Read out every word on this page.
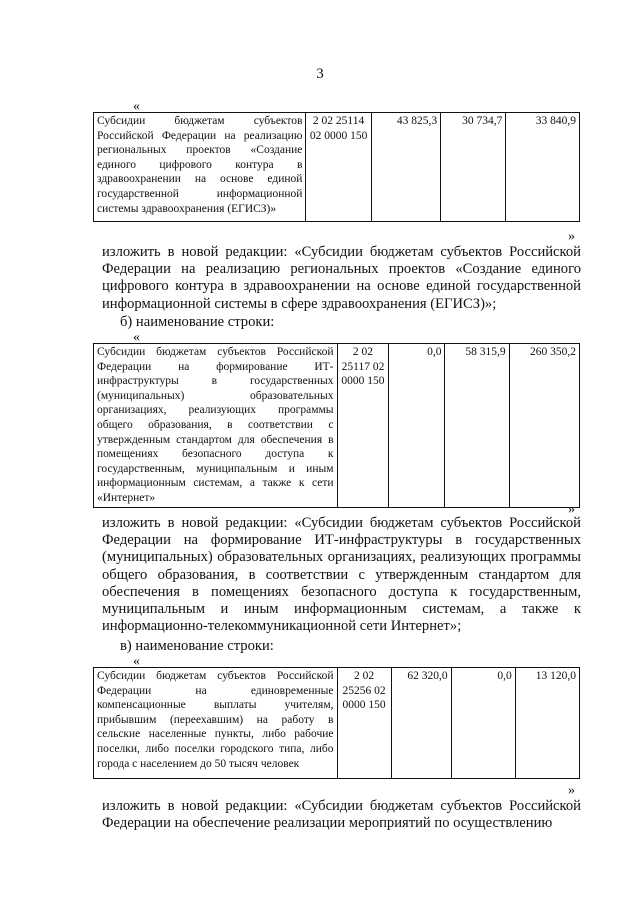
3
«
Субсидии бюджетам субъектов Российской Федерации на реализацию региональных проектов «Создание единого цифрового контура в здравоохранении на основе единой государственной информационной системы здравоохранения (ЕГИСЗ)»	2 02 25114 02 0000 150	43 825,3	30 734,7	33 840,9
»
изложить в новой редакции: «Субсидии бюджетам субъектов Российской Федерации на реализацию региональных проектов «Создание единого цифрового контура в здравоохранении на основе единой государственной информационной системы в сфере здравоохранения (ЕГИСЗ)»;
б) наименование строки:
«
Субсидии бюджетам субъектов Российской Федерации на формирование ИТ-инфраструктуры в государственных (муниципальных) образовательных организациях, реализующих программы общего образования, в соответствии с утвержденным стандартом для обеспечения в помещениях безопасного доступа к государственным, муниципальным и иным информационным системам, а также к сети «Интернет»	2 02 25117 02 0000 150	0,0	58 315,9	260 350,2
»
изложить в новой редакции: «Субсидии бюджетам субъектов Российской Федерации на формирование ИТ-инфраструктуры в государственных (муниципальных) образовательных организациях, реализующих программы общего образования, в соответствии с утвержденным стандартом для обеспечения в помещениях безопасного доступа к государственным, муниципальным и иным информационным системам, а также к информационно-телекоммуникационной сети Интернет»;
в) наименование строки:
«
Субсидии бюджетам субъектов Российской Федерации на единовременные компенсационные выплаты учителям, прибывшим (переехавшим) на работу в сельские населенные пункты, либо рабочие поселки, либо поселки городского типа, либо города с населением до 50 тысяч человек	2 02 25256 02 0000 150	62 320,0	0,0	13 120,0
»
изложить в новой редакции: «Субсидии бюджетам субъектов Российской Федерации на обеспечение реализации мероприятий по осуществлению
